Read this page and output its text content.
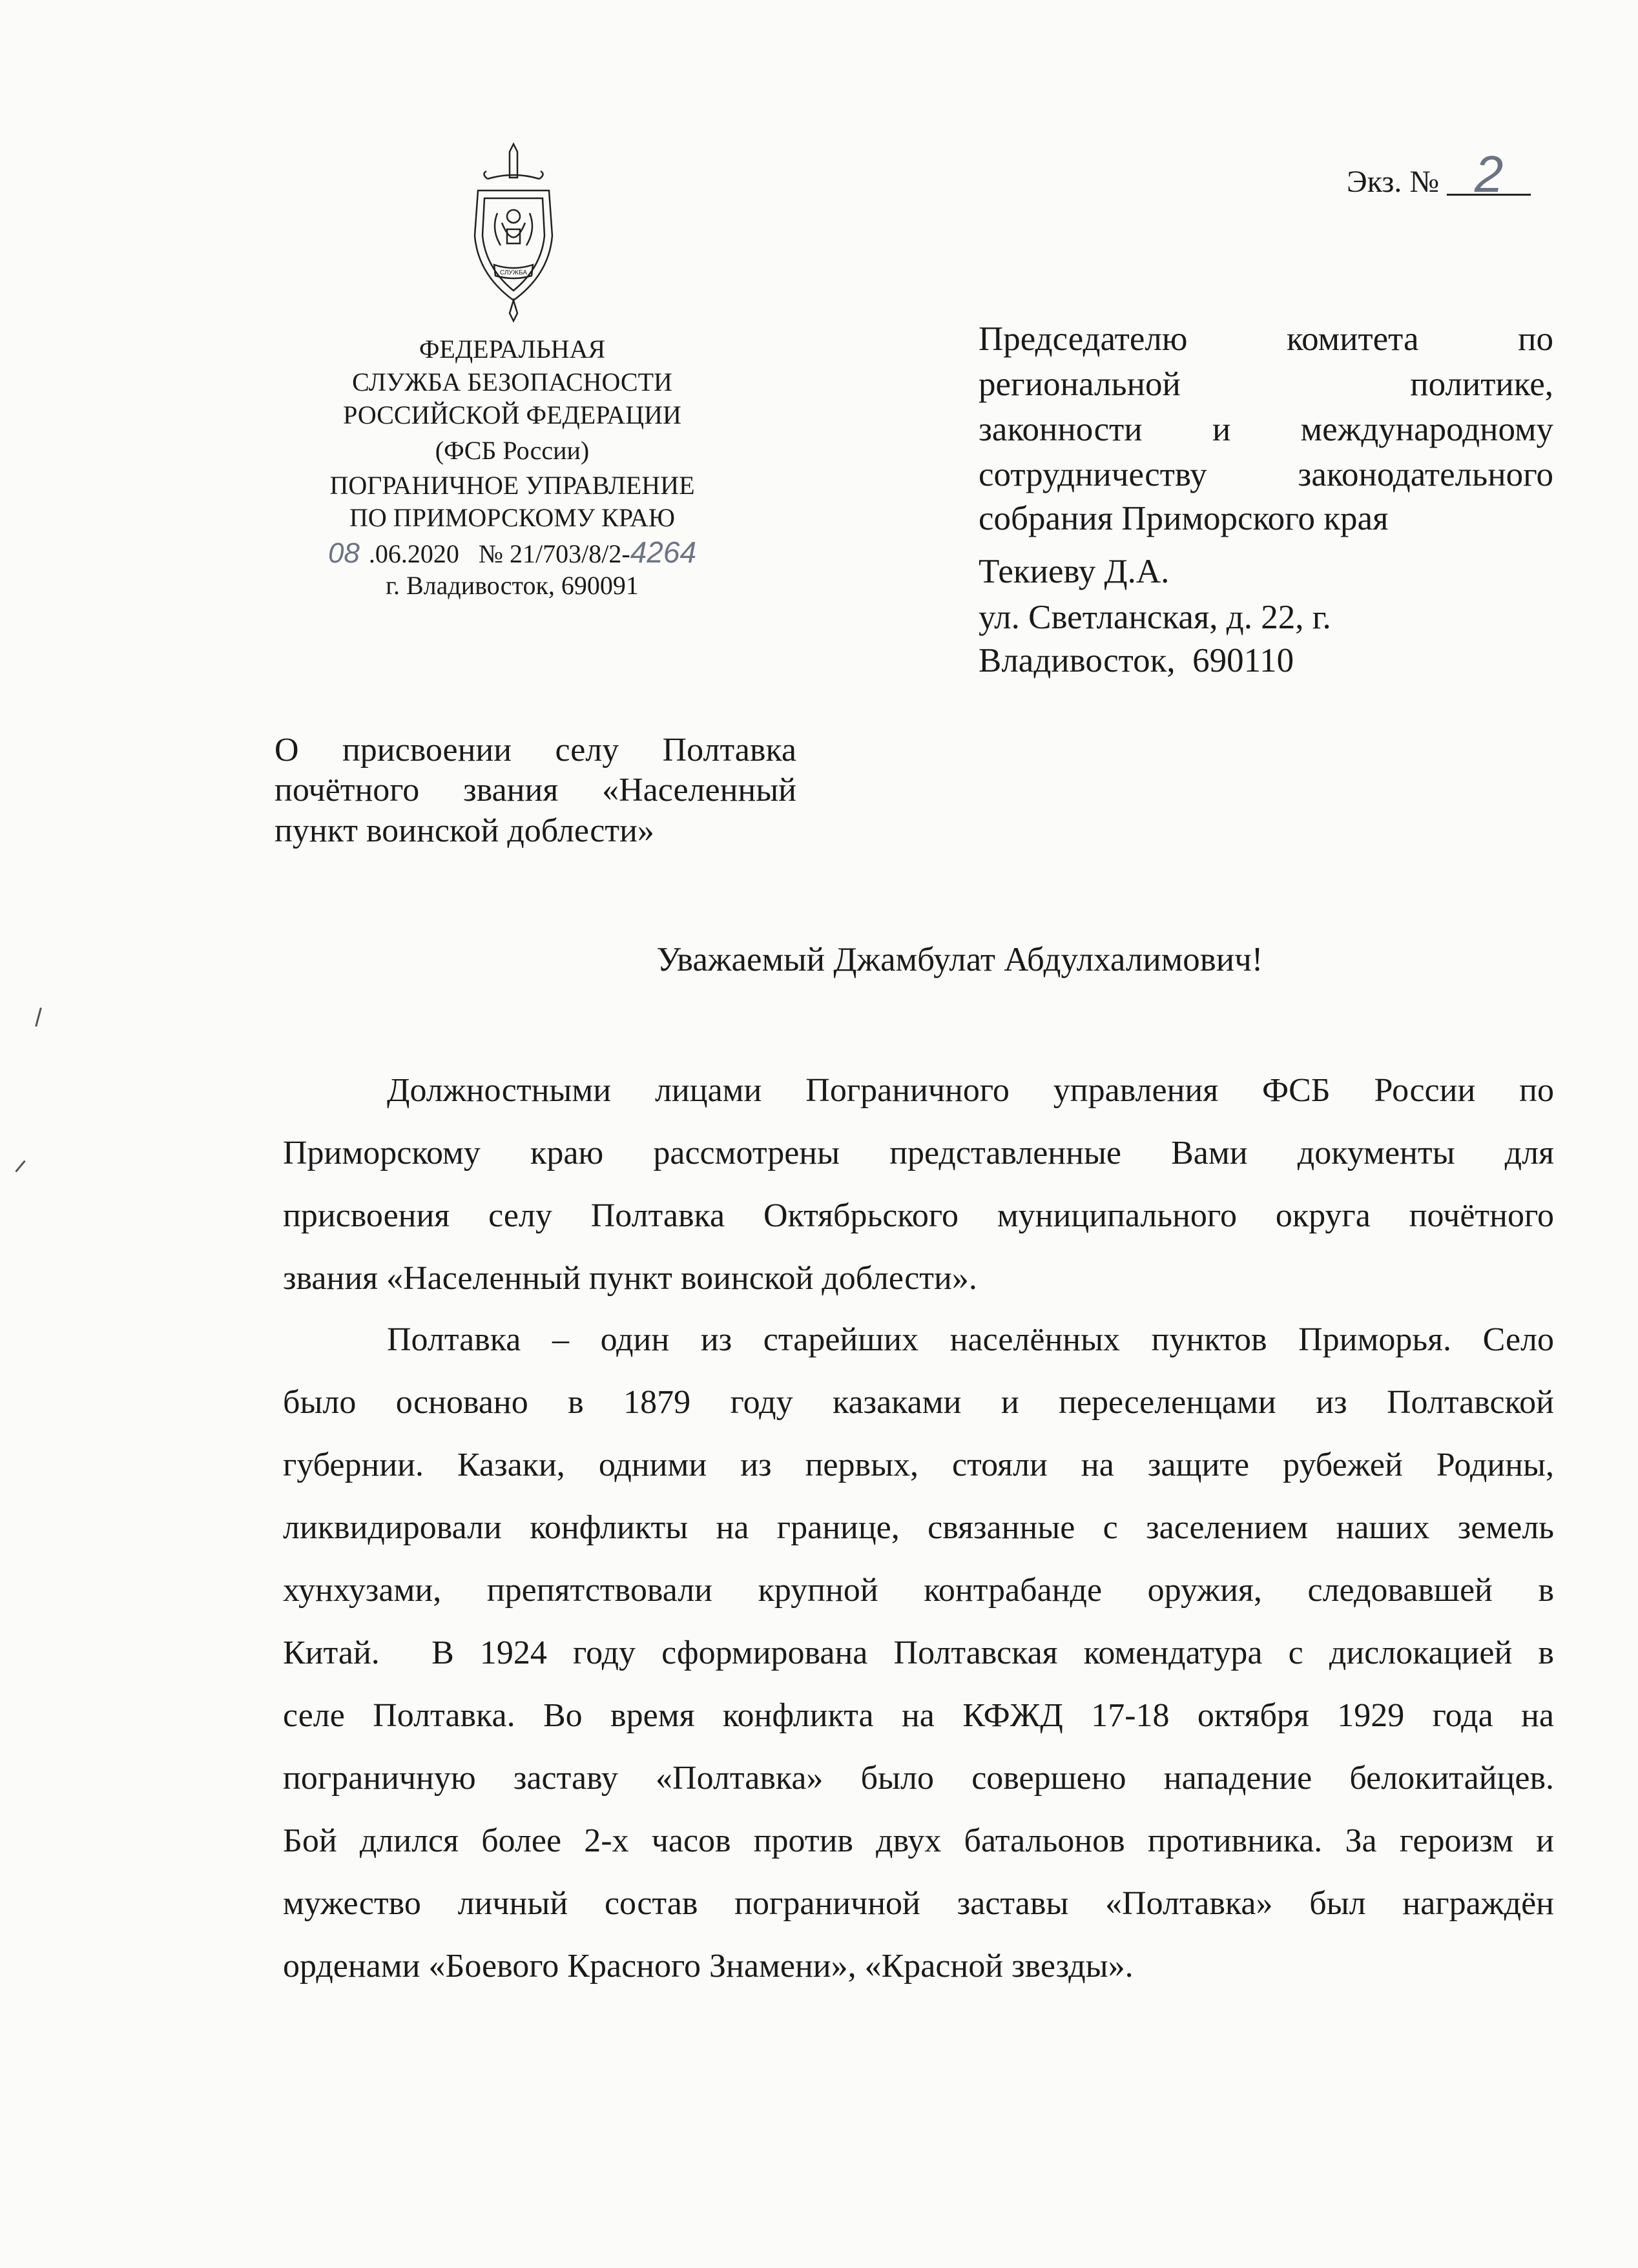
СЛУЖБА
Экз. № 2
ФЕДЕРАЛЬНАЯ
СЛУЖБА БЕЗОПАСНОСТИ
РОССИЙСКОЙ ФЕДЕРАЦИИ
(ФСБ России)
ПОГРАНИЧНОЕ УПРАВЛЕНИЕ
ПО ПРИМОРСКОМУ КРАЮ
08 .06.2020   № 21/703/8/2-4264
г. Владивосток, 690091
Председателю комитета по
региональной политике,
законности и международному
сотрудничеству законодательного
собрания Приморского края
Текиеву Д.А.
ул. Светланская, д. 22, г.
Владивосток,  690110
О присвоении селу Полтавка
почётного звания «Населенный
пункт воинской доблести»
Уважаемый Джамбулат Абдулхалимович!
Должностными лицами Пограничного управления ФСБ России по
Приморскому краю рассмотрены представленные Вами документы для
присвоения селу Полтавка Октябрьского муниципального округа почётного
звания «Населенный пункт воинской доблести».
Полтавка – один из старейших населённых пунктов Приморья. Село
было основано в 1879 году казаками и переселенцами из Полтавской
губернии. Казаки, одними из первых, стояли на защите рубежей Родины,
ликвидировали конфликты на границе, связанные с заселением наших земель
хунхузами, препятствовали крупной контрабанде оружия, следовавшей в
Китай.  В 1924 году сформирована Полтавская комендатура с дислокацией в
селе Полтавка. Во время конфликта на КФЖД 17-18 октября 1929 года на
пограничную заставу «Полтавка» было совершено нападение белокитайцев.
Бой длился более 2-х часов против двух батальонов противника. За героизм и
мужество личный состав пограничной заставы «Полтавка» был награждён
орденами «Боевого Красного Знамени», «Красной звезды».
